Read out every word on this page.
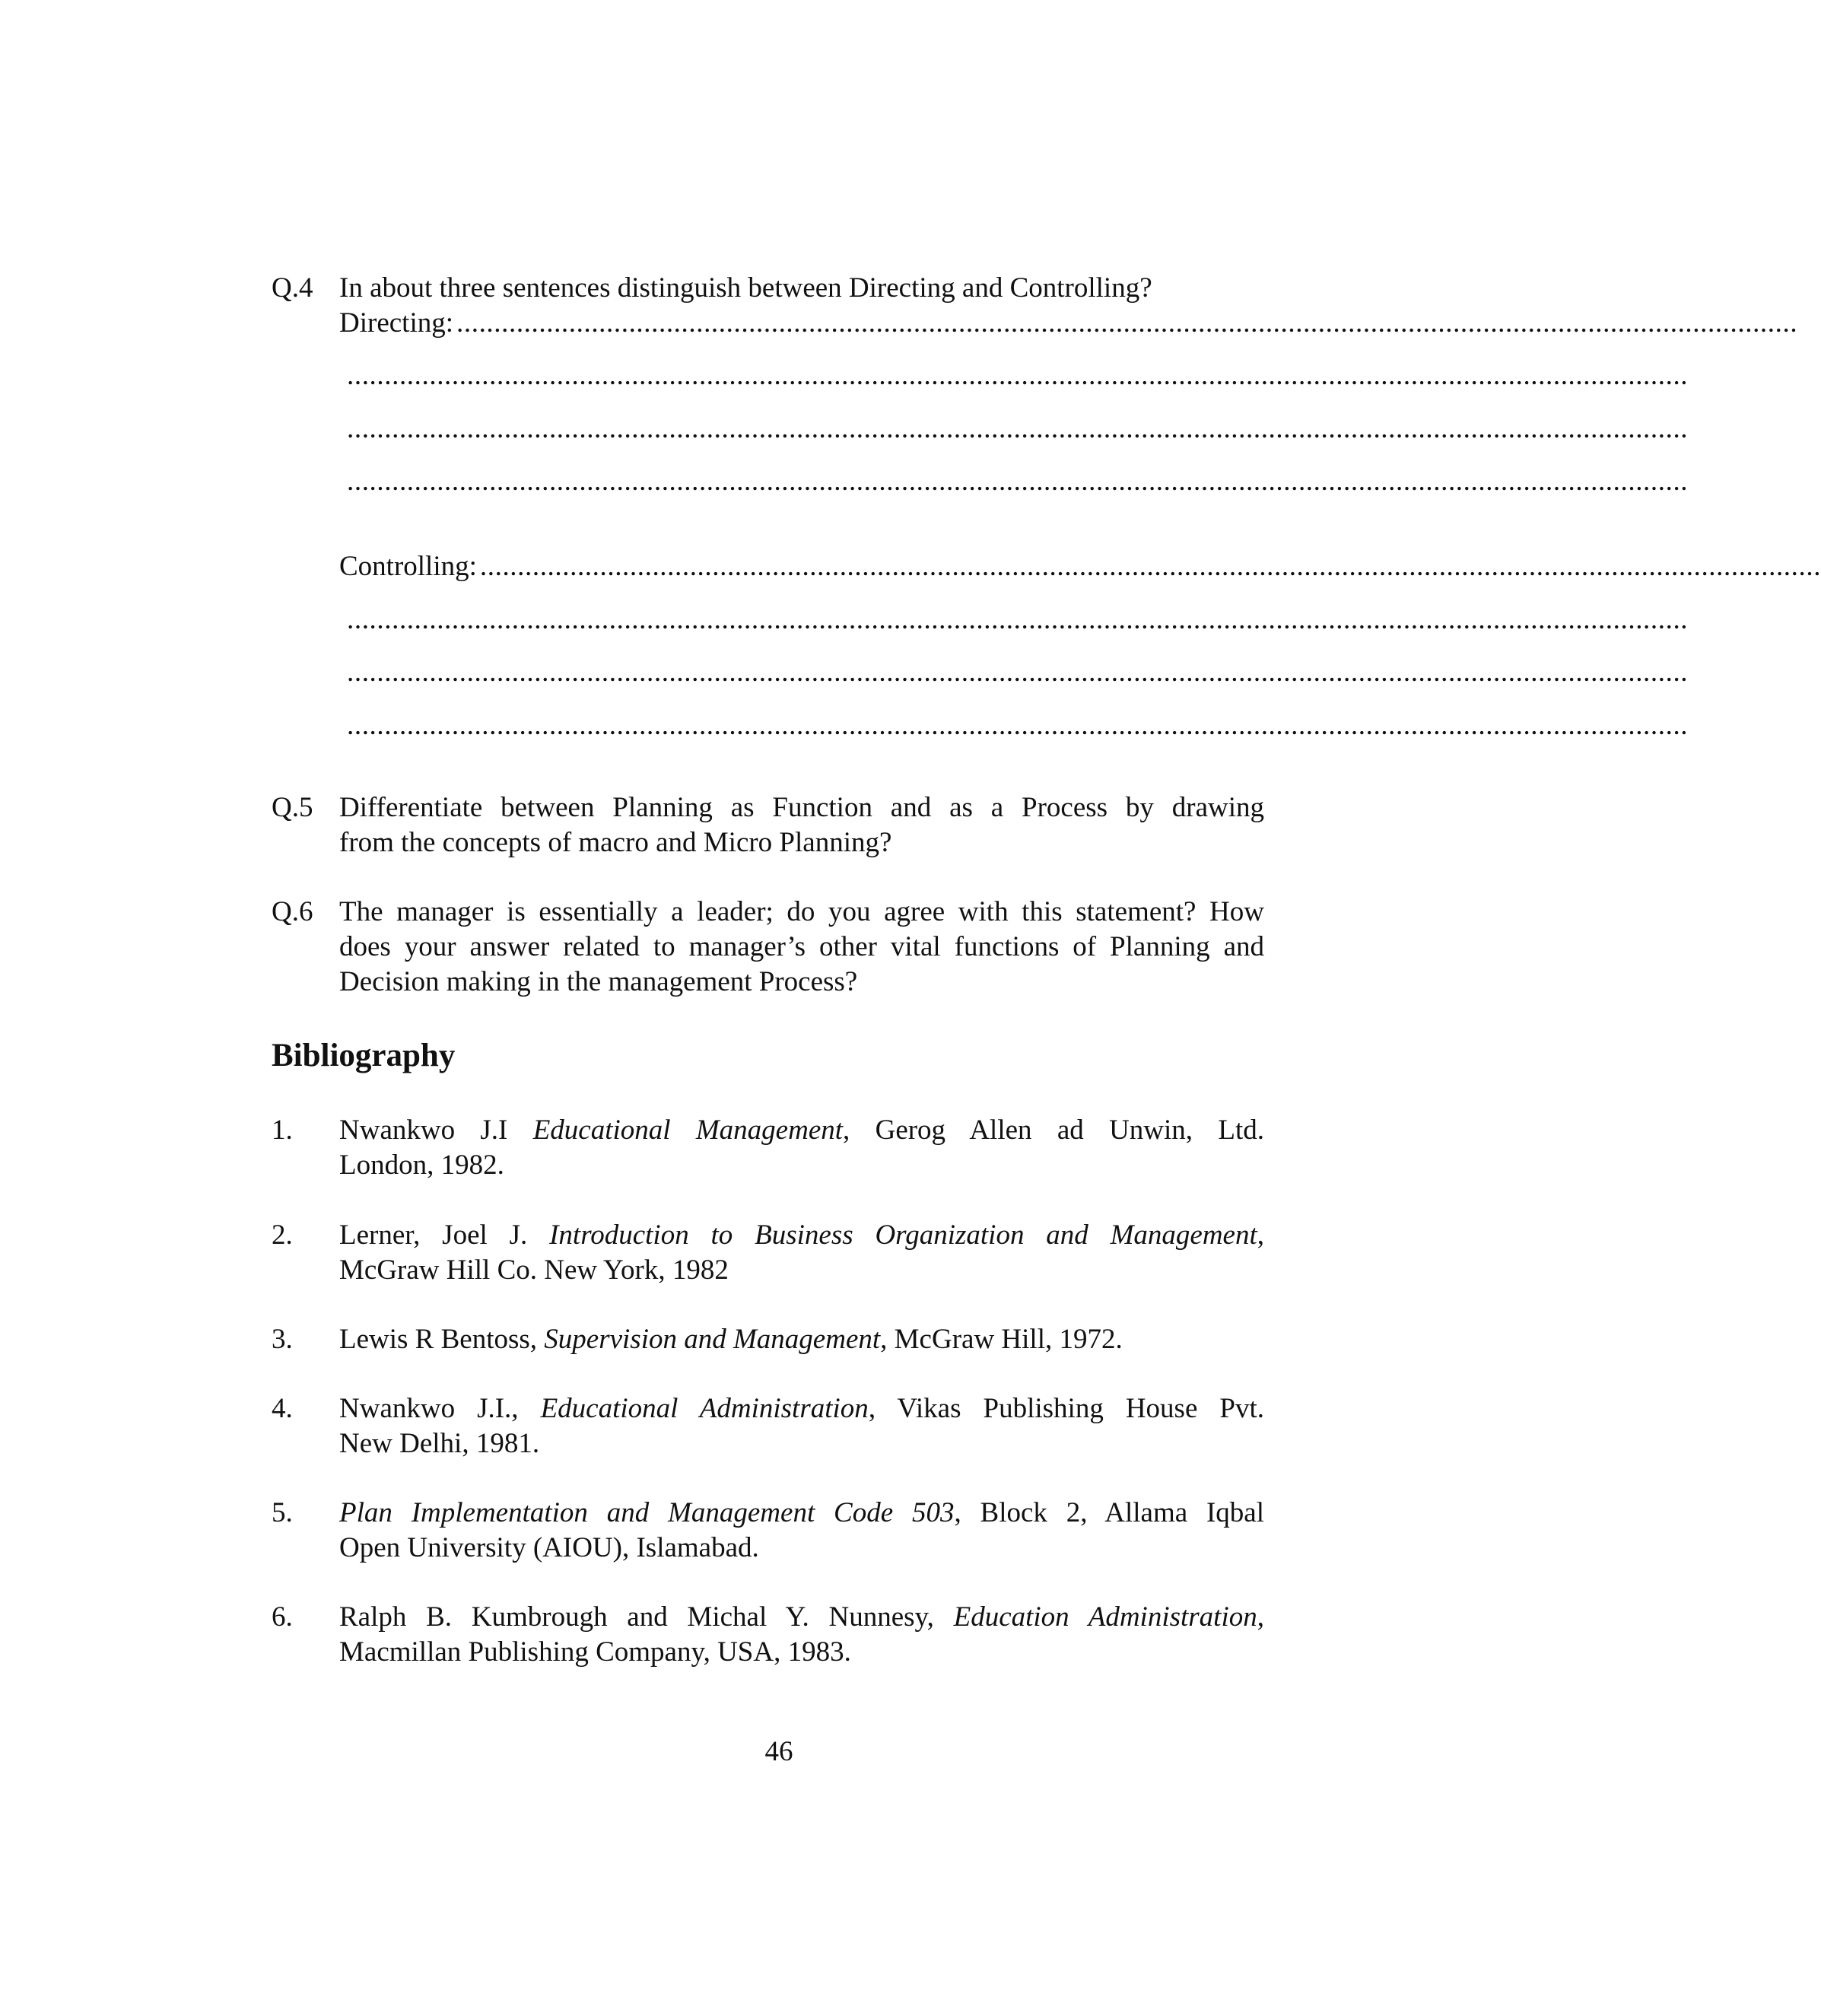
Q.4 In about three sentences distinguish between Directing and Controlling?
Directing: ...................................................................................................................................................................................
...................................................................................................................................................................................
...................................................................................................................................................................................
...................................................................................................................................................................................
Controlling: ...................................................................................................................................................................................
...................................................................................................................................................................................
...................................................................................................................................................................................
...................................................................................................................................................................................
Q.5 Differentiate between Planning as Function and as a Process by drawing
from the concepts of macro and Micro Planning?
Q.6 The manager is essentially a leader; do you agree with this statement? How
does your answer related to manager’s other vital functions of Planning and
Decision making in the management Process?
Bibliography
1. Nwankwo J.I Educational Management, Gerog Allen ad Unwin, Ltd.
London, 1982.
2. Lerner, Joel J. Introduction to Business Organization and Management,
McGraw Hill Co. New York, 1982
3. Lewis R Bentoss, Supervision and Management, McGraw Hill, 1972.
4. Nwankwo J.I., Educational Administration, Vikas Publishing House Pvt.
New Delhi, 1981.
5. Plan Implementation and Management Code 503, Block 2, Allama Iqbal
Open University (AIOU), Islamabad.
6. Ralph B. Kumbrough and Michal Y. Nunnesy, Education Administration,
Macmillan Publishing Company, USA, 1983.
46
